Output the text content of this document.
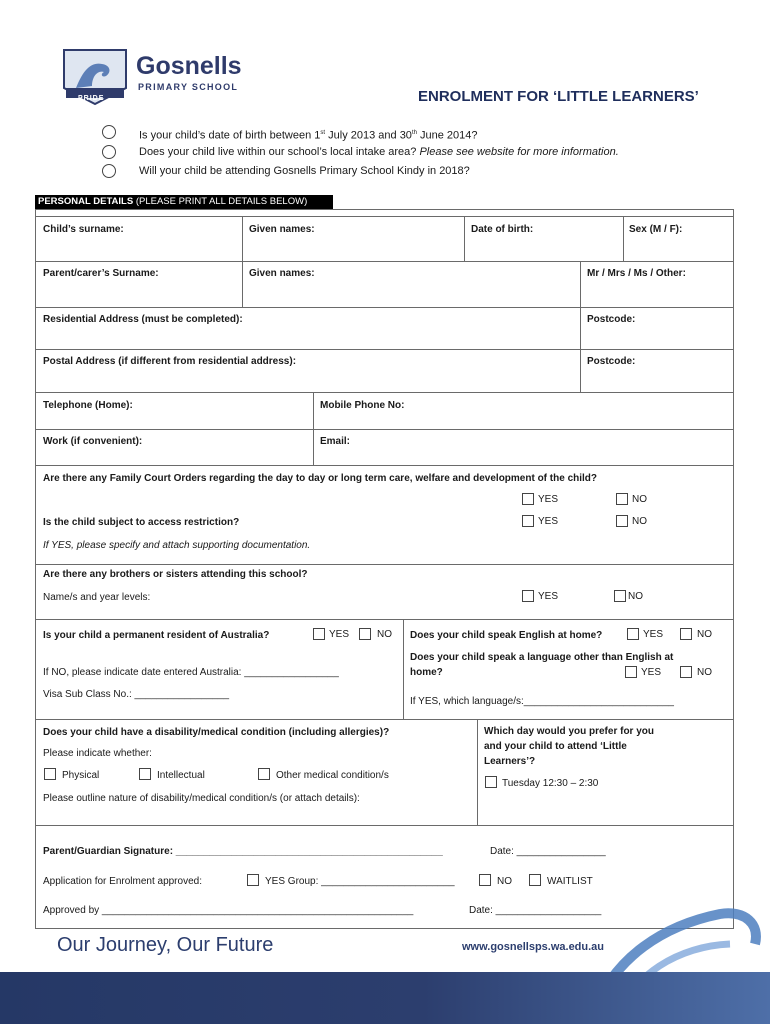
PRIDE
Gosnells
PRIMARY SCHOOL
ENROLMENT FOR ‘LITTLE LEARNERS’
Is your child’s date of birth between 1st July 2013 and 30th June 2014?
Does your child live within our school’s local intake area? Please see website for more information.
Will your child be attending Gosnells Primary School Kindy in 2018?
PERSONAL DETAILS (PLEASE PRINT ALL DETAILS BELOW)
Child’s surname:	Given names:	Date of birth:	Sex (M / F):
Parent/carer’s Surname:	Given names:	Mr / Mrs / Ms / Other:
Residential Address (must be completed):	Postcode:
Postal Address (if different from residential address):	Postcode:
Telephone (Home):	Mobile Phone No:
Work (if convenient):	Email:
Are there any Family Court Orders regarding the day to day or long term care, welfare and development of the child?
YES	NO
Is the child subject to access restriction?	YES	NO
If YES, please specify and attach supporting documentation.
Are there any brothers or sisters attending this school?
Name/s and year levels:	YES	NO
Is your child a permanent resident of Australia?	YES	NO
If NO, please indicate date entered Australia: _________________
Visa Sub Class No.: _________________
Does your child speak English at home?	YES	NO
Does your child speak a language other than English at
home?	YES	NO
If YES, which language/s:___________________________
Does your child have a disability/medical condition (including allergies)?
Please indicate whether:
Physical	Intellectual	Other medical condition/s
Please outline nature of disability/medical condition/s (or attach details):
Which day would you prefer for you
and your child to attend ‘Little
Learners’?
Tuesday 12:30 – 2:30
Parent/Guardian Signature: ________________________________________________	Date: ________________
Application for Enrolment approved:	YES Group: ________________________	NO	WAITLIST
Approved by ________________________________________________________	Date: ___________________
Our Journey, Our Future	www.gosnellsps.wa.edu.au
